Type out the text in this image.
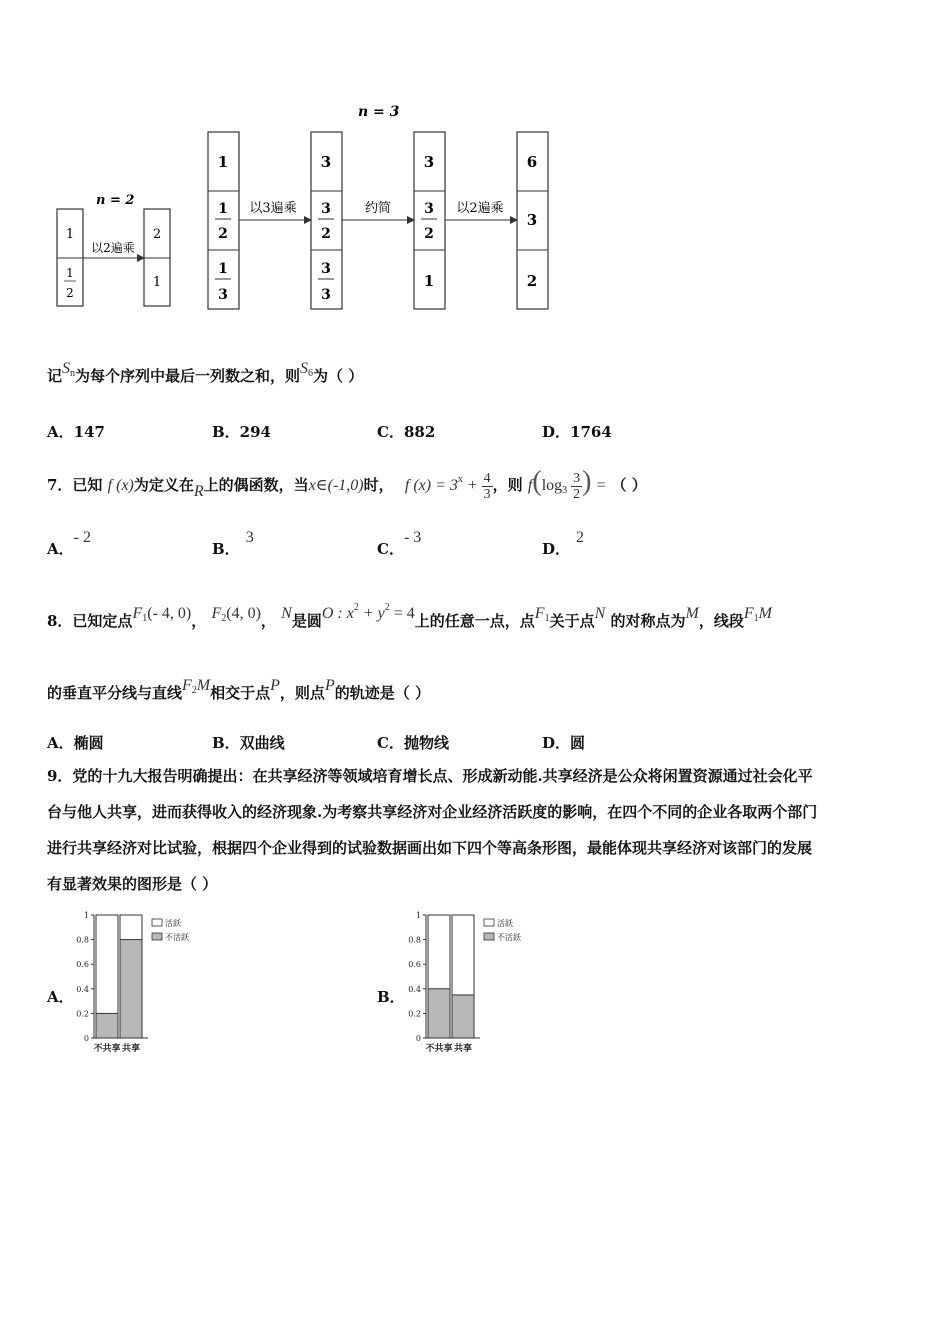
n = 2
1
1
2
以2遍乘
2
1
n = 3
1
1
2
1
3
以3遍乘
3
3
2
3
3
约简
3
3
2
1
以2遍乘
6
3
2
记$S_n$为每个序列中最后一列数之和，则$S_6$为（ ）
A．147	B．294	C．882	D．1764
7．已知 f (x)为定义在R上的偶函数，当x∈(-1,0)时， f $(x) = 3^x + \frac{4}{3}$ ，则 $f(\log_3 \frac{3}{2}$ ) = （ ）
A．- 2
B．3
C．- 3
D．2
8．已知定点$F_1(-$ 4, 0)， $F_2(4$, 0)， N是圆O : $x^2 + y^2 = 4$上的任意一点，点$F_1$关于点N 的对称点为M，线段$F_1M$
的垂直平分线与直线$F_2M$相交于点P，则点P的轨迹是（ ）
A．椭圆	B．双曲线	C．抛物线	D．圆
9．党的十九大报告明确提出：在共享经济等领域培育增长点、形成新动能.共享经济是公众将闲置资源通过社会化平
台与他人共享，进而获得收入的经济现象.为考察共享经济对企业经济活跃度的影响，在四个不同的企业各取两个部门
进行共享经济对比试验，根据四个企业得到的试验数据画出如下四个等高条形图，最能体现共享经济对该部门的发展
有显著效果的图形是（ ）
A．	B．
0
0.2
0.4
0.6
0.8
1
不共享 共享
活跃
不活跃
0
0.2
0.4
0.6
0.8
1
不共享 共享
活跃
不活跃
